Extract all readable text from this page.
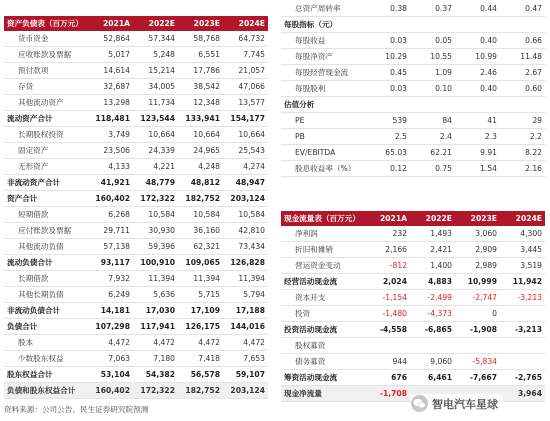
资产负债表（百万元）	2021A	2022E	2023E	2024E
货币资金	52,864	57,344	58,768	64,732
应收账款及票据	5,017	5,248	6,551	7,745
预付款项	14,614	15,214	17,786	21,057
存货	32,687	34,005	38,542	47,066
其他流动资产	13,298	11,734	12,348	13,577
流动资产合计	118,481	123,544	133,941	154,177
长期股权投资	3,749	10,664	10,664	10,664
固定资产	23,506	24,339	24,965	25,543
无形资产	4,133	4,221	4,248	4,274
非流动资产合计	41,921	48,779	48,812	48,947
资产合计	160,402	172,322	182,752	203,124
短期借款	6,268	10,584	10,584	10,584
应付账款及票据	29,711	30,930	36,160	42,810
其他流动负债	57,138	59,396	62,321	73,434
流动负债合计	93,117	100,910	109,065	126,828
长期借款	7,932	11,394	11,394	11,394
其他长期负债	6,249	5,636	5,715	5,794
非流动负债合计	14,181	17,030	17,109	17,188
负债合计	107,298	117,941	126,175	144,016
股本	4,472	4,472	4,472	4,472
少数股东权益	7,063	7,180	7,418	7,653
股东权益合计	53,104	54,382	56,578	59,107
负债和股东权益合计	160,402	172,322	182,752	203,124
总资产周转率	0.38	0.37	0.44	0.47
每股指标（元）				
每股收益	0.03	0.05	0.40	0.66
每股净资产	10.29	10.55	10.99	11.48
每股经营现金流	0.45	1.09	2.46	2.67
每股股利	0.03	0.10	0.40	0.60
估值分析				
PE	539	84	41	29
PB	2.5	2.4	2.3	2.2
EV/EBITDA	65.03	62.21	9.91	8.22
股息收益率（%）	0.12	0.75	1.54	2.16
现金流量表（百万元）	2021A	2022E	2023E	2024E
净利润	232	1,493	3,060	4,300
折旧和摊销	2,166	2,421	2,909	3,445
营运资金变动	-812	1,400	2,989	3,519
经营活动现金流	2,024	4,883	10,999	11,942
资本开支	-1,154	-2,499	-2,747	-3,213
投资	-1,480	-4,373	0	
投资活动现金流	-4,558	-6,865	-1,908	-3,213
股权募资				
债务募资	944	9,060	-5,834	
筹资活动现金流	676	6,461	-7,667	-2,765
现金净流量	-1,708			3,964
资料来源：公司公告、民生证券研究院预测	智电汽车星球
